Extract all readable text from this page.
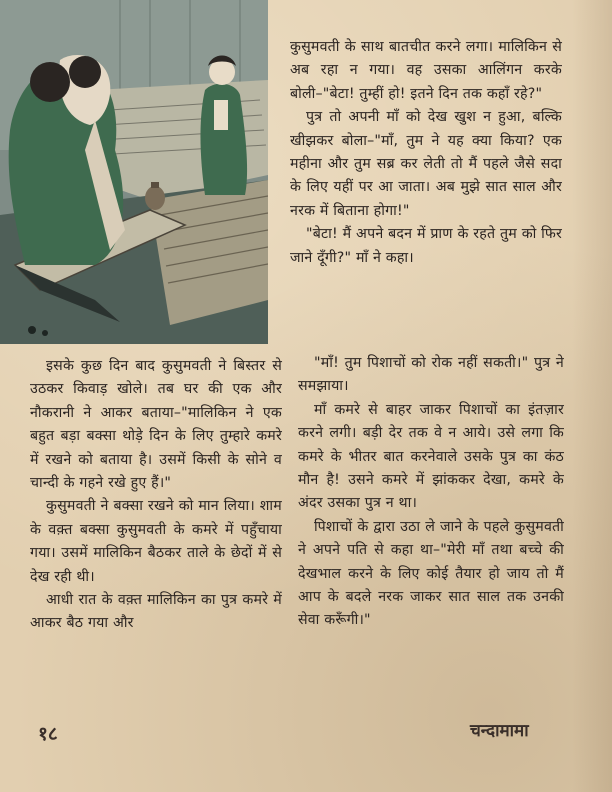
कुसुमवती के साथ बातचीत करने लगा। मालिकिन से अब रहा न गया। वह उसका आलिंगन करके बोली–"बेटा! तुम्हीं हो! इतने दिन तक कहाँ रहे?"

पुत्र तो अपनी माँ को देख खुश न हुआ, बल्कि खीझकर बोला–"माँ, तुम ने यह क्या किया? एक महीना और तुम सब्र कर लेती तो मैं पहले जैसे सदा के लिए यहीं पर आ जाता। अब मुझे सात साल और नरक में बिताना होगा!"

"बेटा! मैं अपने बदन में प्राण के रहते तुम को फिर जाने दूँगी?" माँ ने कहा।

इसके कुछ दिन बाद कुसुमवती ने बिस्तर से उठकर किवाड़ खोले। तब घर की एक और नौकरानी ने आकर बताया–"मालिकिन ने एक बहुत बड़ा बक्सा थोड़े दिन के लिए तुम्हारे कमरे में रखने को बताया है। उसमें किसी के सोने व चान्दी के गहने रखे हुए हैं।"

कुसुमवती ने बक्सा रखने को मान लिया। शाम के वक़्त बक्सा कुसुमवती के कमरे में पहुँचाया गया। उसमें मालिकिन बैठकर ताले के छेदों में से देख रही थी।

आधी रात के वक़्त मालिकिन का पुत्र कमरे में आकर बैठ गया और

"माँ! तुम पिशाचों को रोक नहीं सकती।" पुत्र ने समझाया।

माँ कमरे से बाहर जाकर पिशाचों का इंतज़ार करने लगी। बड़ी देर तक वे न आये। उसे लगा कि कमरे के भीतर बात करनेवाले उसके पुत्र का कंठ मौन है! उसने कमरे में झांककर देखा, कमरे के अंदर उसका पुत्र न था।

पिशाचों के द्वारा उठा ले जाने के पहले कुसुमवती ने अपने पति से कहा था–"मेरी माँ तथा बच्चे की देखभाल करने के लिए कोई तैयार हो जाय तो मैं आप के बदले नरक जाकर सात साल तक उनकी सेवा करूँगी।"

१८	चन्दामामा
